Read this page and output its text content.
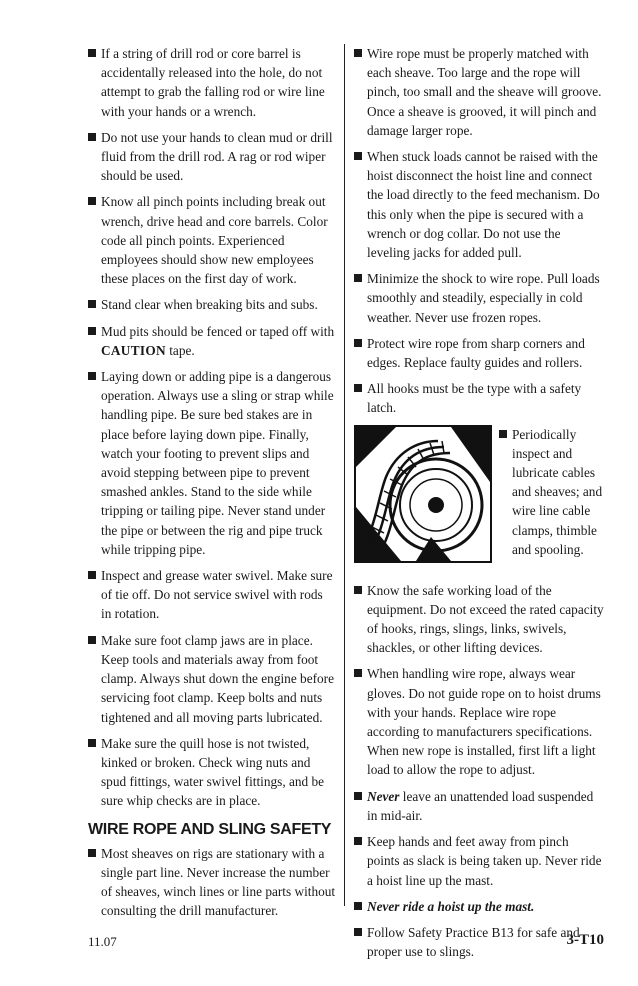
If a string of drill rod or core barrel is accidentally released into the hole, do not attempt to grab the falling rod or wire line with your hands or a wrench.
Do not use your hands to clean mud or drill fluid from the drill rod. A rag or rod wiper should be used.
Know all pinch points including break out wrench, drive head and core barrels. Color code all pinch points. Experienced employees should show new employees these places on the first day of work.
Stand clear when breaking bits and subs.
Mud pits should be fenced or taped off with CAUTION tape.
Laying down or adding pipe is a dangerous operation. Always use a sling or strap while handling pipe. Be sure bed stakes are in place before laying down pipe. Finally, watch your footing to prevent slips and avoid stepping between pipe to prevent smashed ankles. Stand to the side while tripping or tailing pipe. Never stand under the pipe or between the rig and pipe truck while tripping pipe.
Inspect and grease water swivel. Make sure of tie off. Do not service swivel with rods in rotation.
Make sure foot clamp jaws are in place. Keep tools and materials away from foot clamp. Always shut down the engine before servicing foot clamp. Keep bolts and nuts tightened and all moving parts lubricated.
Make sure the quill hose is not twisted, kinked or broken. Check wing nuts and spud fittings, water swivel fittings, and be sure whip checks are in place.
WIRE ROPE AND SLING SAFETY
Most sheaves on rigs are stationary with a single part line. Never increase the number of sheaves, winch lines or line parts without consulting the drill manufacturer.
Wire rope must be properly matched with each sheave. Too large and the rope will pinch, too small and the sheave will groove. Once a sheave is grooved, it will pinch and damage larger rope.
When stuck loads cannot be raised with the hoist disconnect the hoist line and connect the load directly to the feed mechanism. Do this only when the pipe is secured with a wrench or dog collar. Do not use the leveling jacks for added pull.
Minimize the shock to wire rope. Pull loads smoothly and steadily, especially in cold weather. Never use frozen ropes.
Protect wire rope from sharp corners and edges. Replace faulty guides and rollers.
All hooks must be the type with a safety latch.
Periodically inspect and lubricate cables and sheaves; and wire line cable clamps, thimble and spooling.
Know the safe working load of the equipment. Do not exceed the rated capacity of hooks, rings, slings, links, swivels, shackles, or other lifting devices.
When handling wire rope, always wear gloves. Do not guide rope on to hoist drums with your hands. Replace wire rope according to manufacturers specifications. When new rope is installed, first lift a light load to allow the rope to adjust.
Never leave an unattended load suspended in mid-air.
Keep hands and feet away from pinch points as slack is being taken up. Never ride a hoist line up the mast.
Never ride a hoist up the mast.
Follow Safety Practice B13 for safe and proper use to slings.
11.07	3-T10
